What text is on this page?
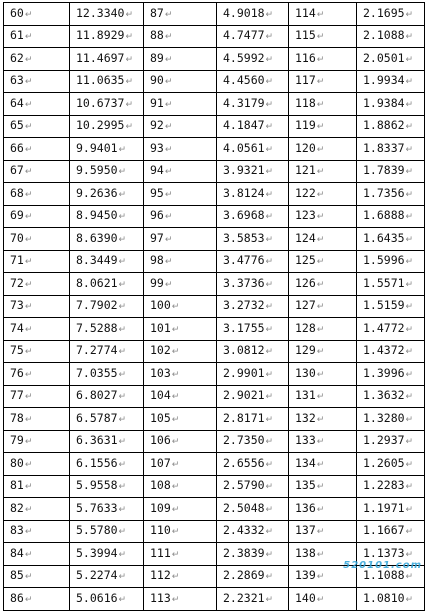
60↵	12.3340↵	87↵	4.9018↵	114↵	2.1695↵
61↵	11.8929↵	88↵	4.7477↵	115↵	2.1088↵
62↵	11.4697↵	89↵	4.5992↵	116↵	2.0501↵
63↵	11.0635↵	90↵	4.4560↵	117↵	1.9934↵
64↵	10.6737↵	91↵	4.3179↵	118↵	1.9384↵
65↵	10.2995↵	92↵	4.1847↵	119↵	1.8862↵
66↵	9.9401↵	93↵	4.0561↵	120↵	1.8337↵
67↵	9.5950↵	94↵	3.9321↵	121↵	1.7839↵
68↵	9.2636↵	95↵	3.8124↵	122↵	1.7356↵
69↵	8.9450↵	96↵	3.6968↵	123↵	1.6888↵
70↵	8.6390↵	97↵	3.5853↵	124↵	1.6435↵
71↵	8.3449↵	98↵	3.4776↵	125↵	1.5996↵
72↵	8.0621↵	99↵	3.3736↵	126↵	1.5571↵
73↵	7.7902↵	100↵	3.2732↵	127↵	1.5159↵
74↵	7.5288↵	101↵	3.1755↵	128↵	1.4772↵
75↵	7.2774↵	102↵	3.0812↵	129↵	1.4372↵
76↵	7.0355↵	103↵	2.9901↵	130↵	1.3996↵
77↵	6.8027↵	104↵	2.9021↵	131↵	1.3632↵
78↵	6.5787↵	105↵	2.8171↵	132↵	1.3280↵
79↵	6.3631↵	106↵	2.7350↵	133↵	1.2937↵
80↵	6.1556↵	107↵	2.6556↵	134↵	1.2605↵
81↵	5.9558↵	108↵	2.5790↵	135↵	1.2283↵
82↵	5.7633↵	109↵	2.5048↵	136↵	1.1971↵
83↵	5.5780↵	110↵	2.4332↵	137↵	1.1667↵
84↵	5.3994↵	111↵	2.3839↵	138↵	1.1373↵
85↵	5.2274↵	112↵	2.2869↵	139↵	1.1088↵
86↵	5.0616↵	113↵	2.2321↵	140↵	1.0810↵
520101.com
